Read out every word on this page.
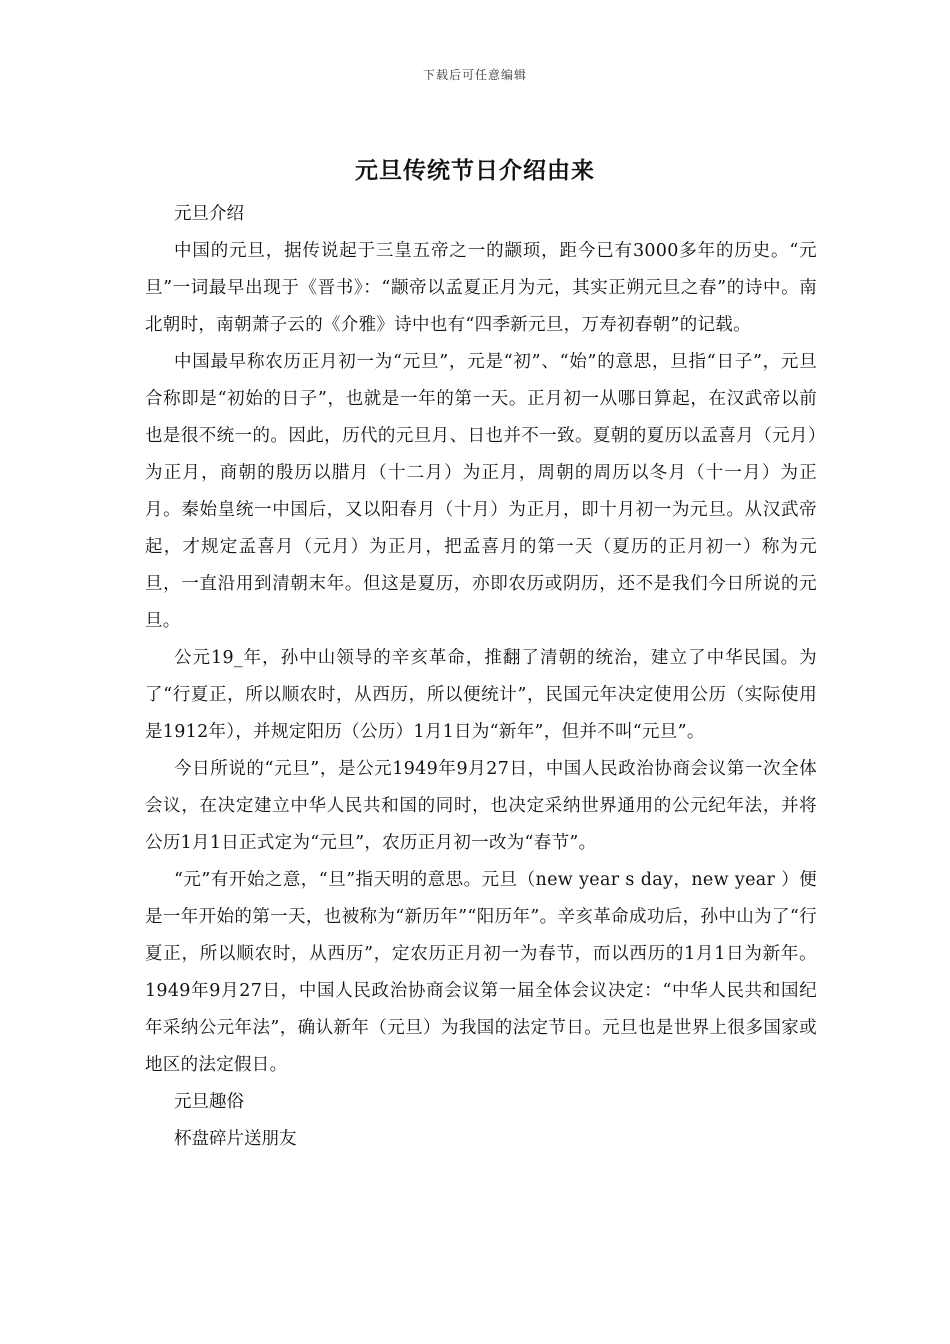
下载后可任意编辑
元旦传统节日介绍由来

元旦介绍

中国的元旦，据传说起于三皇五帝之一的颛顼，距今已有3000多年的历史。“元旦”一词最早出现于《晋书》：“颛帝以孟夏正月为元，其实正朔元旦之春”的诗中。南北朝时，南朝萧子云的《介雅》诗中也有“四季新元旦，万寿初春朝”的记载。

中国最早称农历正月初一为“元旦”，元是“初”、“始”的意思，旦指“日子”，元旦合称即是“初始的日子”，也就是一年的第一天。正月初一从哪日算起，在汉武帝以前也是很不统一的。因此，历代的元旦月、日也并不一致。夏朝的夏历以孟喜月（元月）为正月，商朝的殷历以腊月（十二月）为正月，周朝的周历以冬月（十一月）为正月。秦始皇统一中国后，又以阳春月（十月）为正月，即十月初一为元旦。从汉武帝起，才规定孟喜月（元月）为正月，把孟喜月的第一天（夏历的正月初一）称为元旦，一直沿用到清朝末年。但这是夏历，亦即农历或阴历，还不是我们今日所说的元旦。

公元19_年，孙中山领导的辛亥革命，推翻了清朝的统治，建立了中华民国。为了“行夏正，所以顺农时，从西历，所以便统计”，民国元年决定使用公历（实际使用是1912年），并规定阳历（公历）1月1日为“新年”，但并不叫“元旦”。

今日所说的“元旦”，是公元1949年9月27日，中国人民政治协商会议第一次全体会议，在决定建立中华人民共和国的同时，也决定采纳世界通用的公元纪年法，并将公历1月1日正式定为“元旦”，农历正月初一改为“春节”。

“元”有开始之意，“旦”指天明的意思。元旦（new year s day，new year ）便是一年开始的第一天，也被称为“新历年”“阳历年”。辛亥革命成功后，孙中山为了“行夏正，所以顺农时，从西历”，定农历正月初一为春节，而以西历的1月1日为新年。1949年9月27日，中国人民政治协商会议第一届全体会议决定：“中华人民共和国纪年采纳公元年法”，确认新年（元旦）为我国的法定节日。元旦也是世界上很多国家或地区的法定假日。

元旦趣俗

杯盘碎片送朋友
